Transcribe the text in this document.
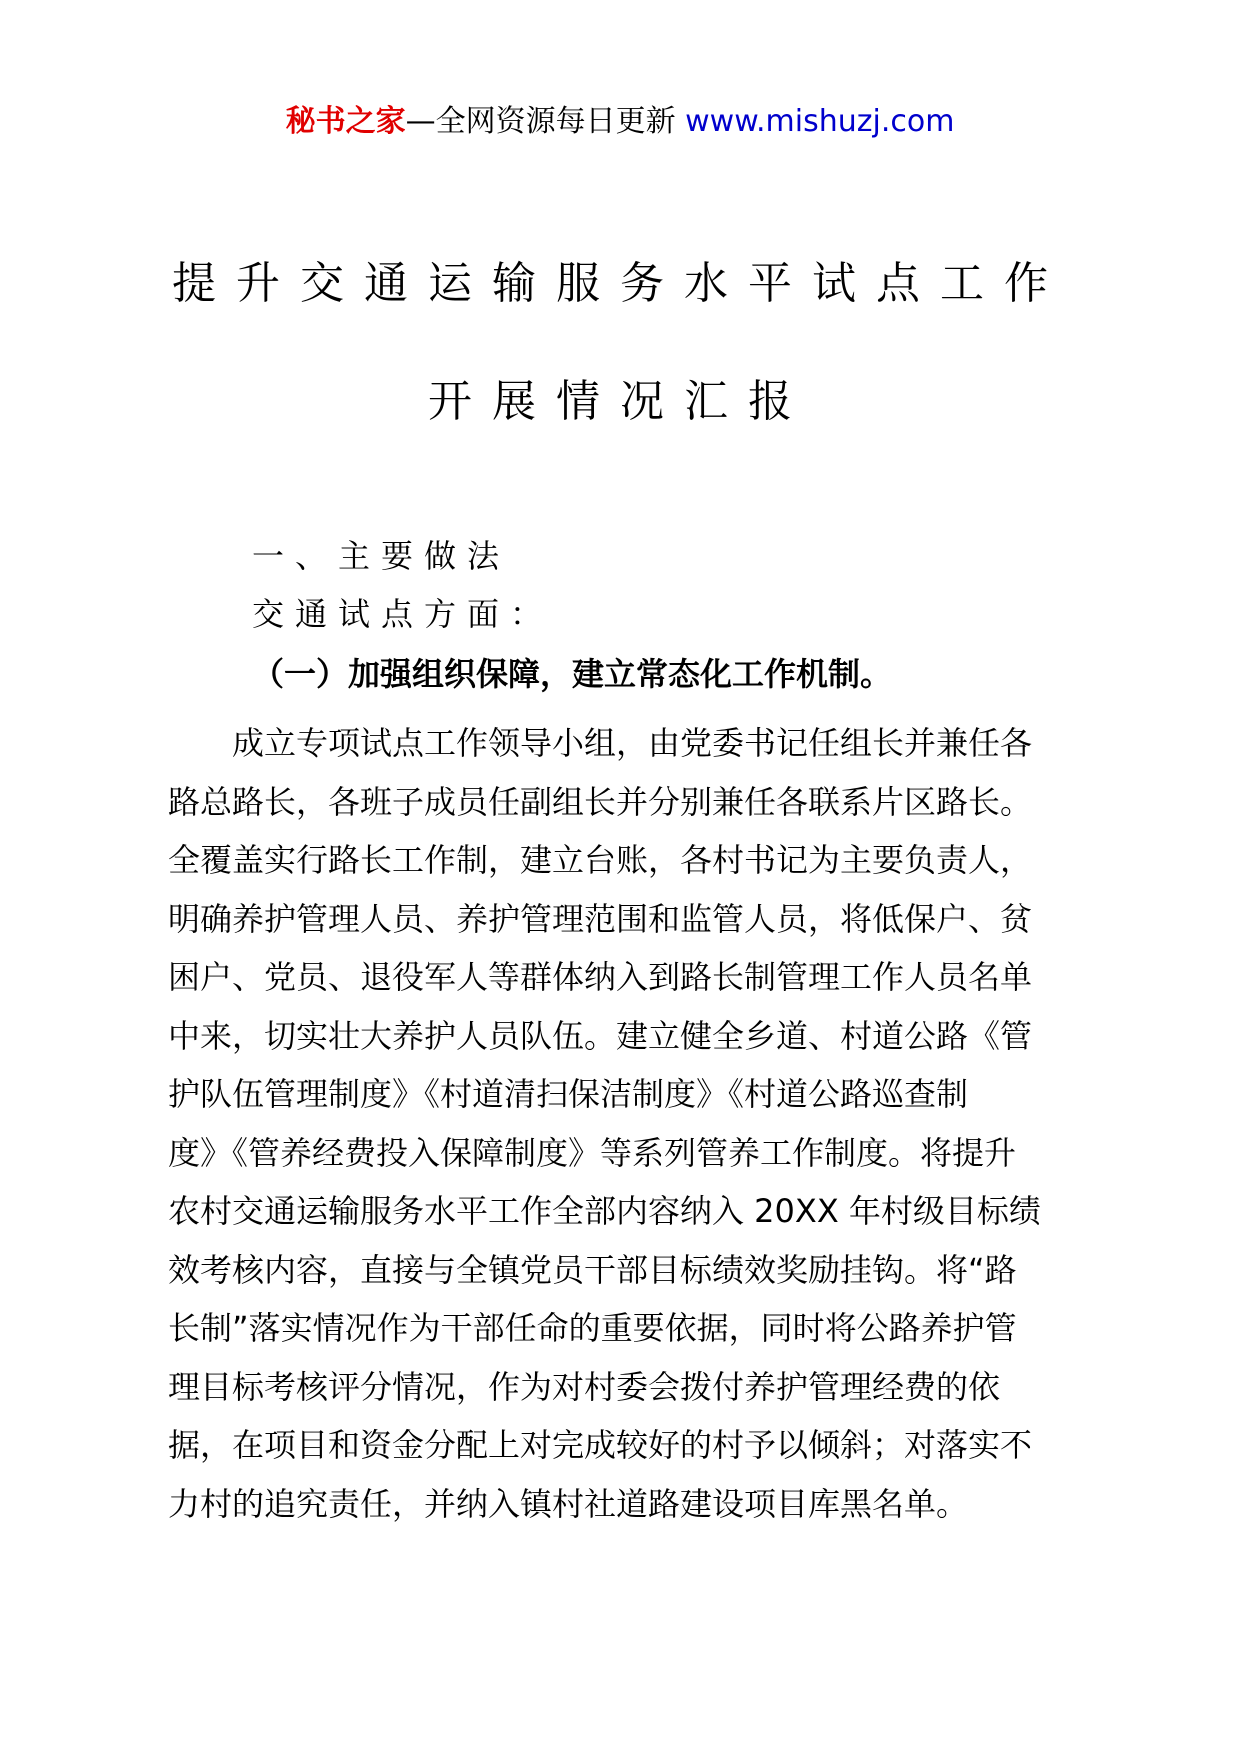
秘书之家—全网资源每日更新 www.mishuzj.com
提升交通运输服务水平试点工作
开展情况汇报
一、主要做法
交通试点方面：
（一）加强组织保障，建立常态化工作机制。
成立专项试点工作领导小组，由党委书记任组长并兼任各
路总路长，各班子成员任副组长并分别兼任各联系片区路长。
全覆盖实行路长工作制，建立台账，各村书记为主要负责人，
明确养护管理人员、养护管理范围和监管人员，将低保户、贫
困户、党员、退役军人等群体纳入到路长制管理工作人员名单
中来，切实壮大养护人员队伍。建立健全乡道、村道公路《管
护队伍管理制度》《村道清扫保洁制度》《村道公路巡查制
度》《管养经费投入保障制度》等系列管养工作制度。将提升
农村交通运输服务水平工作全部内容纳入 20XX 年村级目标绩
效考核内容，直接与全镇党员干部目标绩效奖励挂钩。将“路
长制”落实情况作为干部任命的重要依据，同时将公路养护管
理目标考核评分情况，作为对村委会拨付养护管理经费的依
据，在项目和资金分配上对完成较好的村予以倾斜；对落实不
力村的追究责任，并纳入镇村社道路建设项目库黑名单。
